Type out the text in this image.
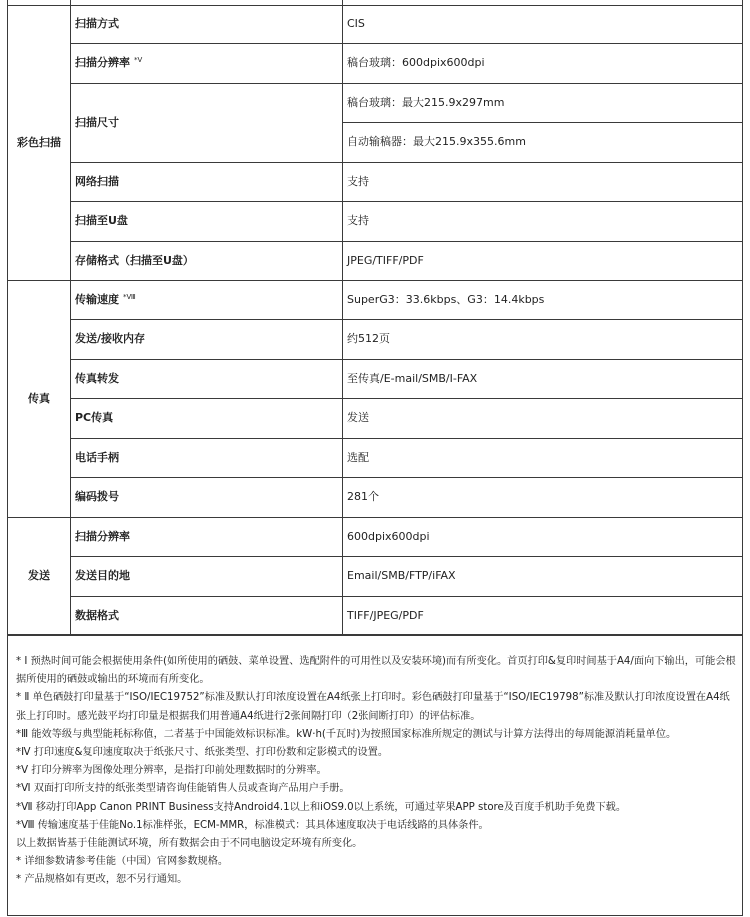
彩色扫描	扫描方式	CIS
	扫描分辨率 $^{*V}$	稿台玻璃：600dpix600dpi
	扫描尺寸	稿台玻璃：最大215.9x297mm
		自动输稿器：最大215.9x355.6mm
	网络扫描	支持
	扫描至U盘	支持
	存储格式（扫描至U盘）	JPEG/TIFF/PDF
传真	传输速度 $^{*Ⅷ}$	SuperG3：33.6kbps、G3：14.4kbps
	发送/接收内存	约512页
	传真转发	至传真/E-mail/SMB/I-FAX
	PC传真	发送
	电话手柄	选配
	编码拨号	281个
发送	扫描分辨率	600dpix600dpi
	发送目的地	Email/SMB/FTP/iFAX
	数据格式	TIFF/JPEG/PDF

* Ⅰ 预热时间可能会根据使用条件(如所使用的硒鼓、菜单设置、选配附件的可用性以及安装环境)而有所变化。首页打印&复印时间基于A4/面向下输出，可能会根据所使用的硒鼓或输出的环境而有所变化。

* Ⅱ 单色硒鼓打印量基于“ISO/IEC19752”标准及默认打印浓度设置在A4纸张上打印时。彩色硒鼓打印量基于“ISO/IEC19798”标准及默认打印浓度设置在A4纸张上打印时。感光鼓平均打印量是根据我们用普通A4纸进行2张间隔打印（2张间断打印）的评估标准。

*Ⅲ 能效等级与典型能耗标称值，二者基于中国能效标识标准。kW·h(千瓦时)为按照国家标准所规定的测试与计算方法得出的每周能源消耗量单位。

*Ⅳ 打印速度&复印速度取决于纸张尺寸、纸张类型、打印份数和定影模式的设置。

*Ⅴ 打印分辨率为图像处理分辨率，是指打印前处理数据时的分辨率。

*Ⅵ 双面打印所支持的纸张类型请咨询佳能销售人员或查询产品用户手册。

*Ⅶ 移动打印App Canon PRINT Business支持Android4.1以上和iOS9.0以上系统，可通过苹果APP store及百度手机助手免费下载。

*Ⅷ 传输速度基于佳能No.1标准样张，ECM-MMR，标准模式：其具体速度取决于电话线路的具体条件。

以上数据皆基于佳能测试环境，所有数据会由于不同电脑设定环境有所变化。

* 详细参数请参考佳能（中国）官网参数规格。

* 产品规格如有更改，恕不另行通知。
